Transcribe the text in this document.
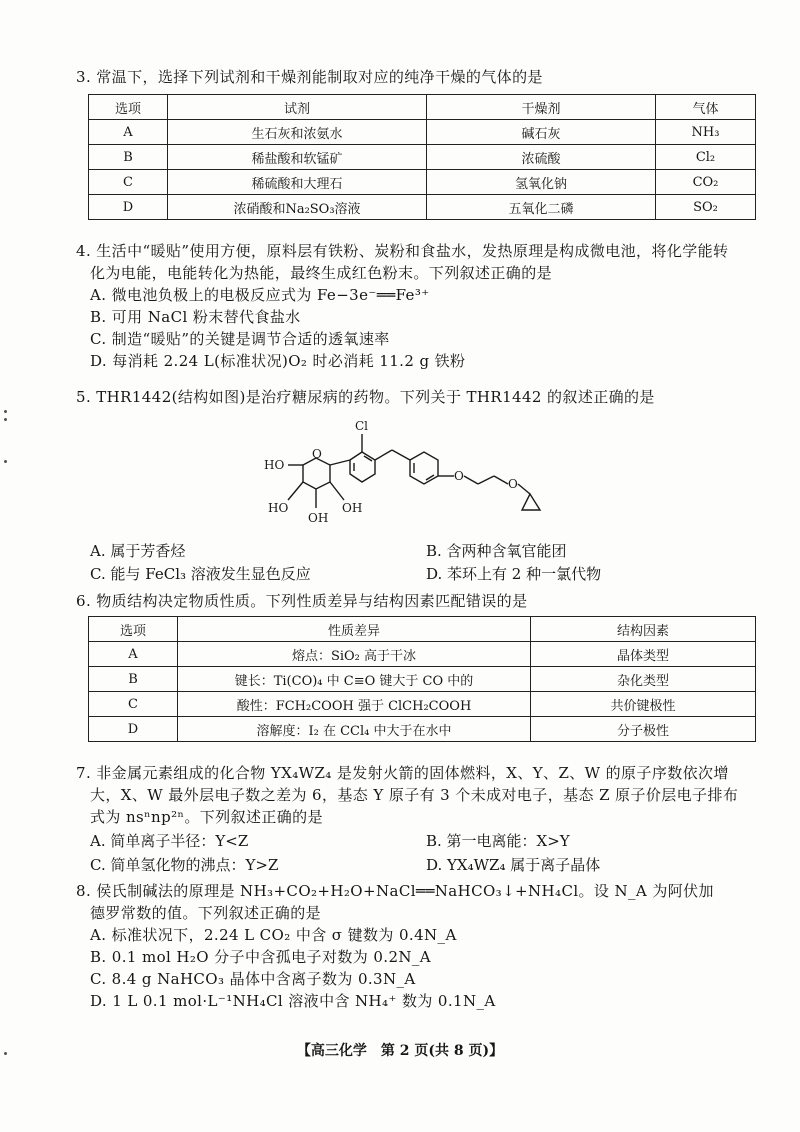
3. 常温下，选择下列试剂和干燥剂能制取对应的纯净干燥的气体的是
选项	试剂	干燥剂	气体
A	生石灰和浓氨水	碱石灰	NH₃
B	稀盐酸和软锰矿	浓硫酸	Cl₂
C	稀硫酸和大理石	氢氧化钠	CO₂
D	浓硝酸和Na₂SO₃溶液	五氧化二磷	SO₂
4. 生活中“暖贴”使用方便，原料层有铁粉、炭粉和食盐水，发热原理是构成微电池，将化学能转
化为电能，电能转化为热能，最终生成红色粉末。下列叙述正确的是
A. 微电池负极上的电极反应式为 Fe−3e⁻══Fe³⁺
B. 可用 NaCl 粉末替代食盐水
C. 制造“暖贴”的关键是调节合适的透氧速率
D. 每消耗 2.24 L(标准状况)O₂ 时必消耗 11.2 g 铁粉
5. THR1442(结构如图)是治疗糖尿病的药物。下列关于 THR1442 的叙述正确的是
Cl
HO
O
HO
OH
OH
O
O
A. 属于芳香烃	B. 含两种含氧官能团
C. 能与 FeCl₃ 溶液发生显色反应	D. 苯环上有 2 种一氯代物
6. 物质结构决定物质性质。下列性质差异与结构因素匹配错误的是
选项	性质差异	结构因素
A	熔点：SiO₂ 高于干冰	晶体类型
B	键长：Ti(CO)₄ 中 C≡O 键大于 CO 中的	杂化类型
C	酸性：FCH₂COOH 强于 ClCH₂COOH	共价键极性
D	溶解度：I₂ 在 CCl₄ 中大于在水中	分子极性
7. 非金属元素组成的化合物 YX₄WZ₄ 是发射火箭的固体燃料，X、Y、Z、W 的原子序数依次增
大，X、W 最外层电子数之差为 6，基态 Y 原子有 3 个未成对电子，基态 Z 原子价层电子排布
式为 nsⁿnp²ⁿ。下列叙述正确的是
A. 简单离子半径：Y<Z	B. 第一电离能：X>Y
C. 简单氢化物的沸点：Y>Z	D. YX₄WZ₄ 属于离子晶体
8. 侯氏制碱法的原理是 NH₃+CO₂+H₂O+NaCl══NaHCO₃↓+NH₄Cl。设 N_A 为阿伏加
德罗常数的值。下列叙述正确的是
A. 标准状况下，2.24 L CO₂ 中含 σ 键数为 0.4N_A
B. 0.1 mol H₂O 分子中含孤电子对数为 0.2N_A
C. 8.4 g NaHCO₃ 晶体中含离子数为 0.3N_A
D. 1 L 0.1 mol·L⁻¹NH₄Cl 溶液中含 NH₄⁺ 数为 0.1N_A
【高三化学　第 2 页(共 8 页)】
